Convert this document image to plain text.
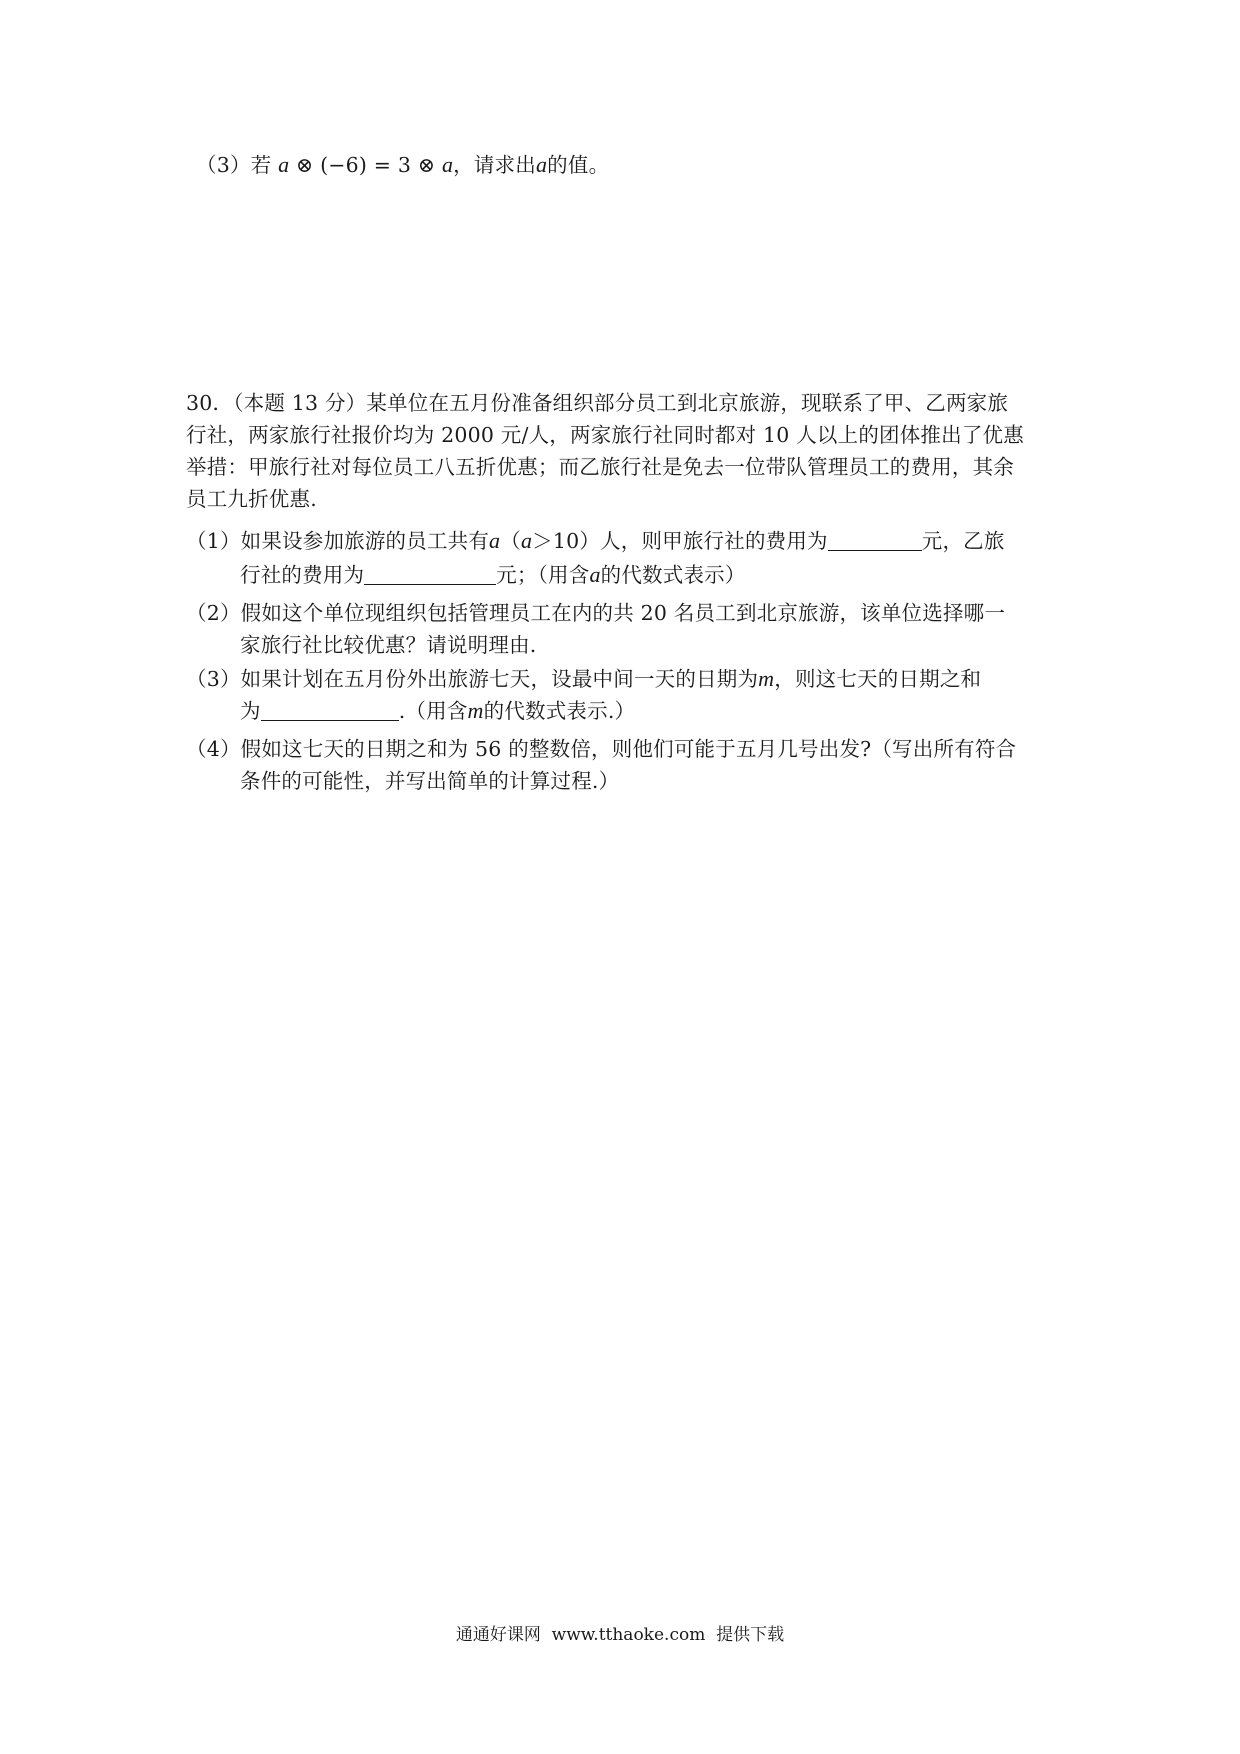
（3）若 a ⊗ (−6) = 3 ⊗ a，请求出a的值。
30．（本题 13 分）某单位在五月份准备组织部分员工到北京旅游，现联系了甲、乙两家旅
行社，两家旅行社报价均为 2000 元/人，两家旅行社同时都对 10 人以上的团体推出了优惠
举措：甲旅行社对每位员工八五折优惠；而乙旅行社是免去一位带队管理员工的费用，其余
员工九折优惠.
（1）如果设参加旅游的员工共有a（a＞10）人，则甲旅行社的费用为	元，乙旅
行社的费用为	元；（用含a的代数式表示）
（2）假如这个单位现组织包括管理员工在内的共 20 名员工到北京旅游，该单位选择哪一
家旅行社比较优惠？请说明理由.
（3）如果计划在五月份外出旅游七天，设最中间一天的日期为m，则这七天的日期之和
为	.（用含m的代数式表示.）
（4）假如这七天的日期之和为 56 的整数倍，则他们可能于五月几号出发?（写出所有符合
条件的可能性，并写出简单的计算过程.）
通通好课网 www.tthaoke.com 提供下载
